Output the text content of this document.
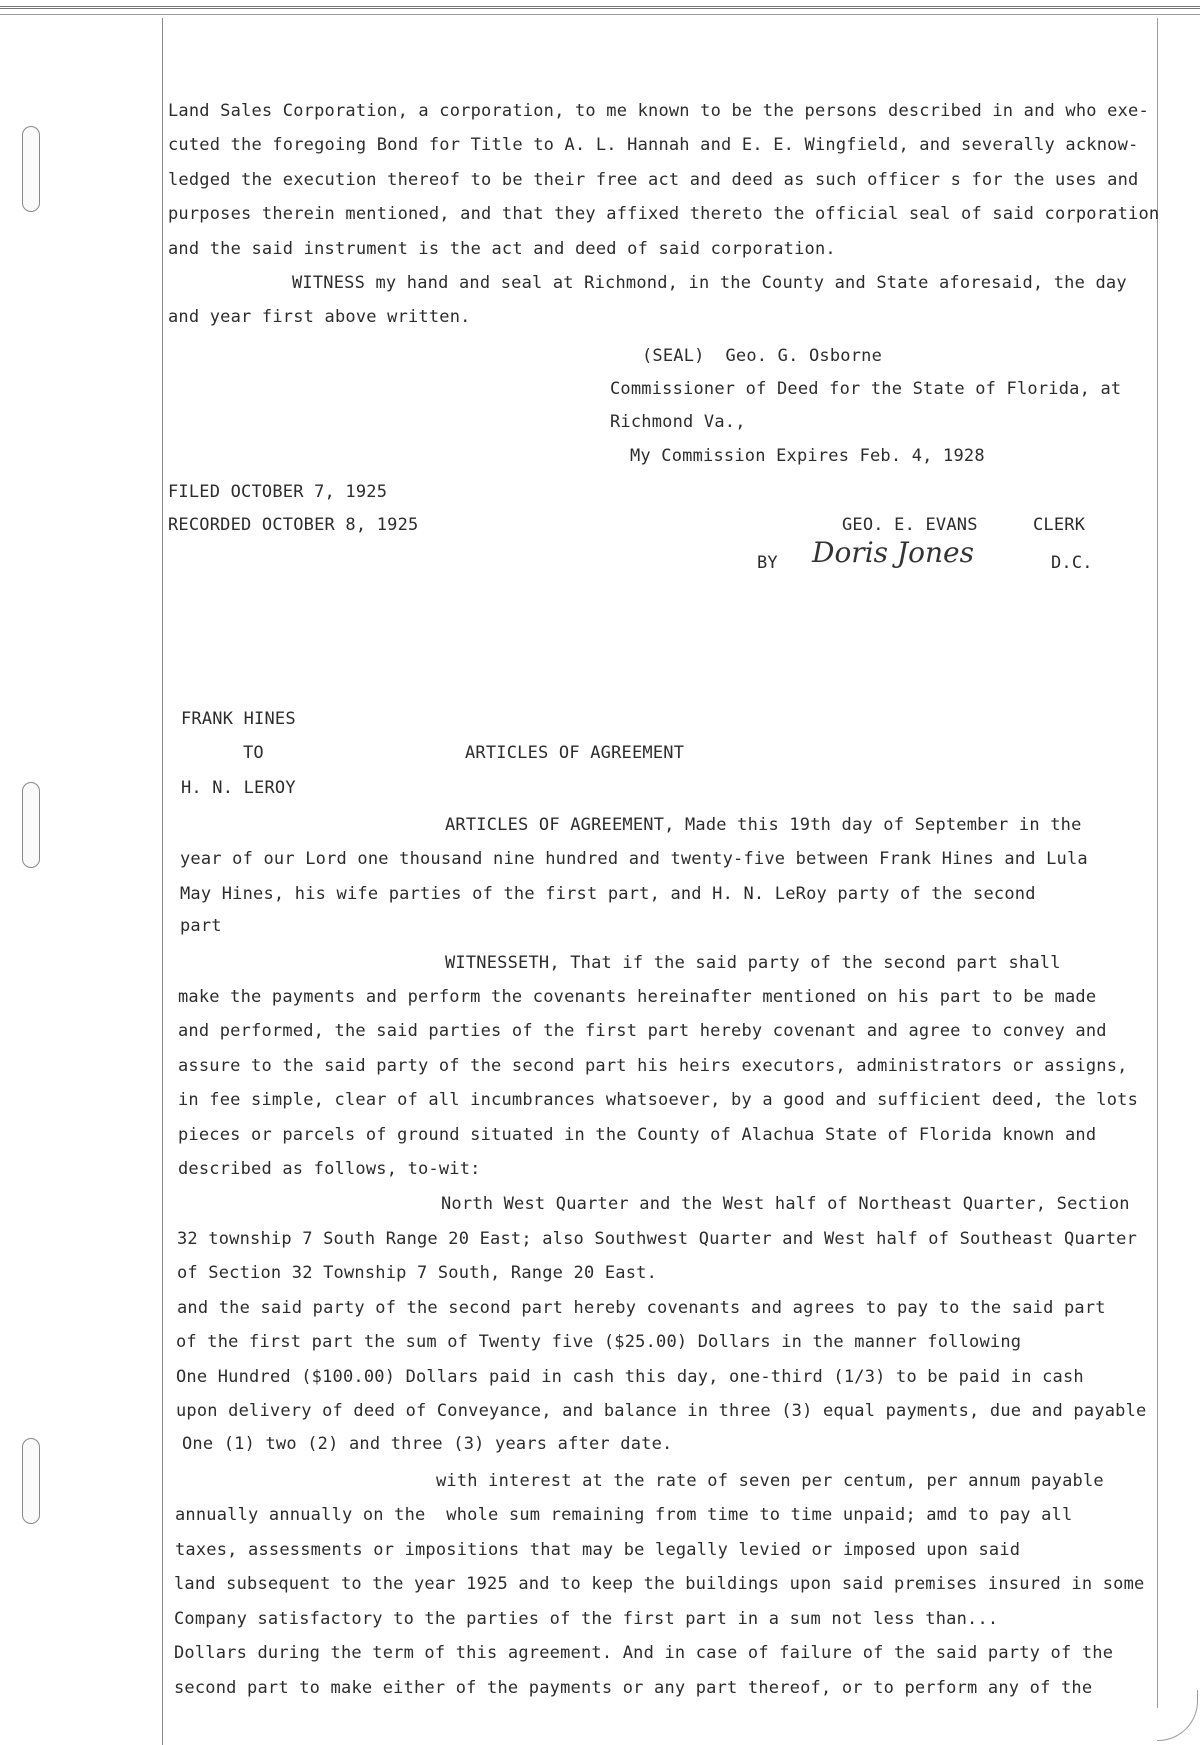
Land Sales Corporation, a corporation, to me known to be the persons described in and who exe-
cuted the foregoing Bond for Title to A. L. Hannah and E. E. Wingfield, and severally acknow-
ledged the execution thereof to be their free act and deed as such officer s for the uses and
purposes therein mentioned, and that they affixed thereto the official seal of said corporation
and the said instrument is the act and deed of said corporation.
WITNESS my hand and seal at Richmond, in the County and State aforesaid, the day
and year first above written.
(SEAL)  Geo. G. Osborne
Commissioner of Deed for the State of Florida, at
Richmond Va.,
My Commission Expires Feb. 4, 1928
FILED OCTOBER 7, 1925
RECORDED OCTOBER 8, 1925	GEO. E. EVANS	CLERK
BY Doris Jones	D.C.
FRANK HINES
TO	ARTICLES OF AGREEMENT
H. N. LEROY
ARTICLES OF AGREEMENT, Made this 19th day of September in the
year of our Lord one thousand nine hundred and twenty-five between Frank Hines and Lula
May Hines, his wife parties of the first part, and H. N. LeRoy party of the second
part
WITNESSETH, That if the said party of the second part shall
make the payments and perform the covenants hereinafter mentioned on his part to be made
and performed, the said parties of the first part hereby covenant and agree to convey and
assure to the said party of the second part his heirs executors, administrators or assigns,
in fee simple, clear of all incumbrances whatsoever, by a good and sufficient deed, the lots
pieces or parcels of ground situated in the County of Alachua State of Florida known and
described as follows, to-wit:
North West Quarter and the West half of Northeast Quarter, Section
32 township 7 South Range 20 East; also Southwest Quarter and West half of Southeast Quarter
of Section 32 Township 7 South, Range 20 East.
and the said party of the second part hereby covenants and agrees to pay to the said part
of the first part the sum of Twenty five ($25.00) Dollars in the manner following
One Hundred ($100.00) Dollars paid in cash this day, one-third (1/3) to be paid in cash
upon delivery of deed of Conveyance, and balance in three (3) equal payments, due and payable
One (1) two (2) and three (3) years after date.
with interest at the rate of seven per centum, per annum payable
annually annually on the  whole sum remaining from time to time unpaid; amd to pay all
taxes, assessments or impositions that may be legally levied or imposed upon said
land subsequent to the year 1925 and to keep the buildings upon said premises insured in some
Company satisfactory to the parties of the first part in a sum not less than...
Dollars during the term of this agreement. And in case of failure of the said party of the
second part to make either of the payments or any part thereof, or to perform any of the
